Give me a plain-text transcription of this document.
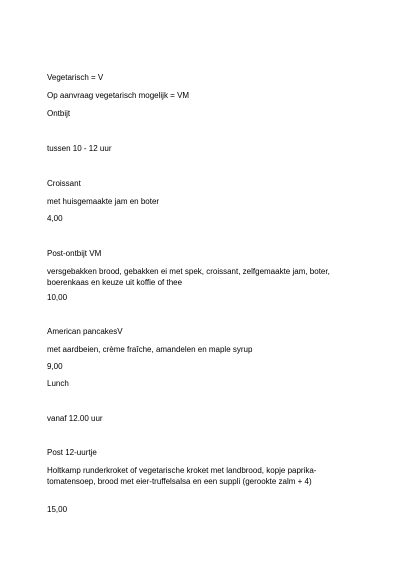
Vegetarisch = V
Op aanvraag vegetarisch mogelijk = VM
Ontbijt
tussen 10 - 12 uur
Croissant
met huisgemaakte jam en boter
4,00
Post-ontbijt VM
versgebakken brood, gebakken ei met spek, croissant, zelfgemaakte jam, boter, boerenkaas en keuze uit koffie of thee
10,00
American pancakesV
met aardbeien, crème fraîche, amandelen en maple syrup
9,00
Lunch
vanaf 12.00 uur
Post 12-uurtje
Holtkamp runderkroket of vegetarische kroket met landbrood, kopje paprika-tomatensoep, brood met eier-truffelsalsa en een suppli (gerookte zalm + 4)
15,00
